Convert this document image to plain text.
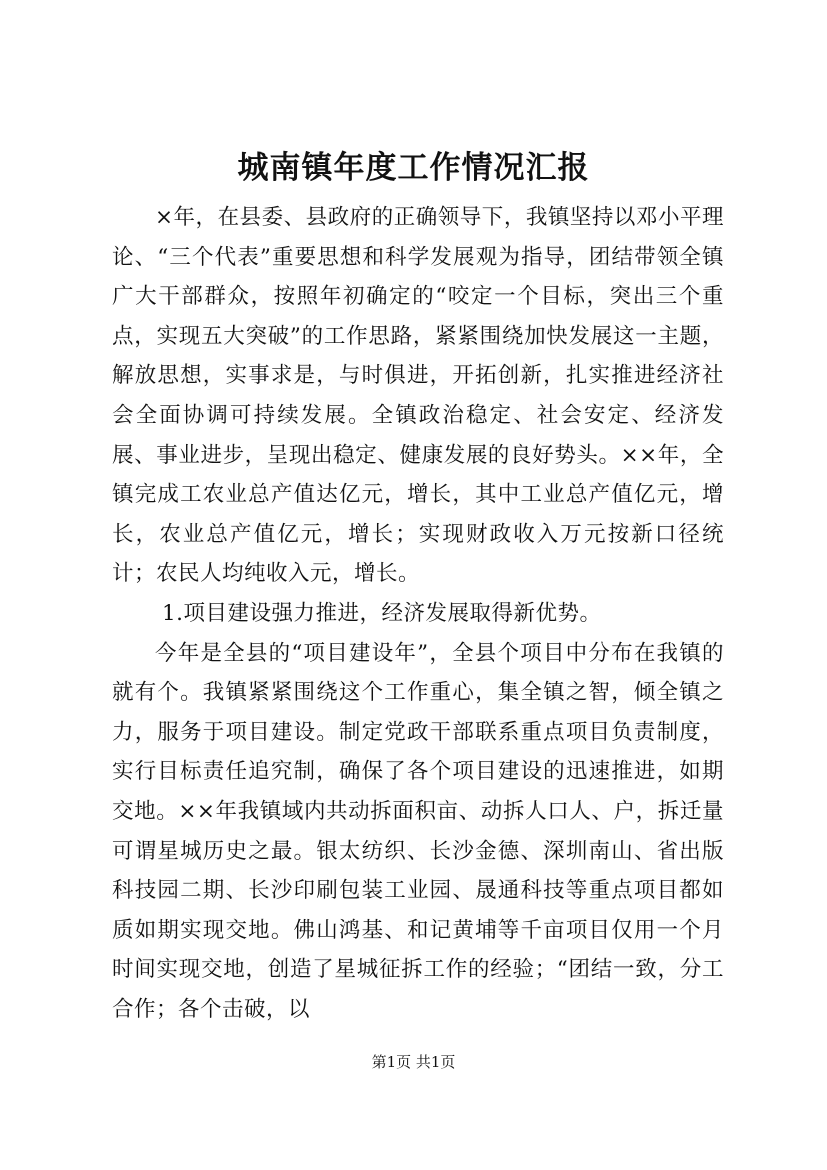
城南镇年度工作情况汇报

×年，在县委、县政府的正确领导下，我镇坚持以邓小平理论、“三个代表”重要思想和科学发展观为指导，团结带领全镇广大干部群众，按照年初确定的“咬定一个目标，突出三个重点，实现五大突破”的工作思路，紧紧围绕加快发展这一主题，解放思想，实事求是，与时俱进，开拓创新，扎实推进经济社会全面协调可持续发展。全镇政治稳定、社会安定、经济发展、事业进步，呈现出稳定、健康发展的良好势头。××年，全镇完成工农业总产值达亿元，增长，其中工业总产值亿元，增长，农业总产值亿元，增长；实现财政收入万元按新口径统计；农民人均纯收入元，增长。

1.项目建设强力推进，经济发展取得新优势。

今年是全县的“项目建设年”，全县个项目中分布在我镇的就有个。我镇紧紧围绕这个工作重心，集全镇之智，倾全镇之力，服务于项目建设。制定党政干部联系重点项目负责制度，实行目标责任追究制，确保了各个项目建设的迅速推进，如期交地。××年我镇域内共动拆面积亩、动拆人口人、户，拆迁量可谓星城历史之最。银太纺织、长沙金德、深圳南山、省出版科技园二期、长沙印刷包装工业园、晟通科技等重点项目都如质如期实现交地。佛山鸿基、和记黄埔等千亩项目仅用一个月时间实现交地，创造了星城征拆工作的经验；“团结一致，分工合作；各个击破，以

第1页 共1页
